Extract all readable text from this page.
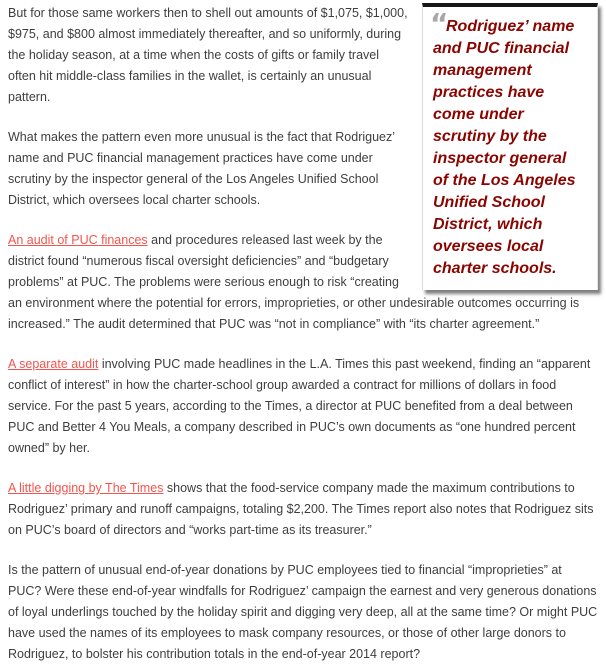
“

Rodriguez’ name
and PUC financial
management
practices have
come under
scrutiny by the
inspector general
of the Los Angeles
Unified School
District, which
oversees local
charter schools.

But for those same workers then to shell out amounts of $1,075, $1,000, $975, and $800 almost immediately thereafter, and so uniformly, during the holiday season, at a time when the costs of gifts or family travel often hit middle-class families in the wallet, is certainly an unusual pattern.

What makes the pattern even more unusual is the fact that Rodriguez’ name and PUC financial management practices have come under scrutiny by the inspector general of the Los Angeles Unified School District, which oversees local charter schools.

An audit of PUC finances and procedures released last week by the district found “numerous fiscal oversight deficiencies” and “budgetary problems” at PUC. The problems were serious enough to risk “creating an environment where the potential for errors, improprieties, or other undesirable outcomes occurring is increased.” The audit determined that PUC was “not in compliance” with “its charter agreement.”

A separate audit involving PUC made headlines in the L.A. Times this past weekend, finding an “apparent conflict of interest” in how the charter-school group awarded a contract for millions of dollars in food service. For the past 5 years, according to the Times, a director at PUC benefited from a deal between PUC and Better 4 You Meals, a company described in PUC’s own documents as “one hundred percent owned” by her.

A little digging by The Times shows that the food-service company made the maximum contributions to Rodriguez’ primary and runoff campaigns, totaling $2,200. The Times report also notes that Rodriguez sits on PUC’s board of directors and “works part-time as its treasurer.”

Is the pattern of unusual end-of-year donations by PUC employees tied to financial “improprieties” at PUC? Were these end-of-year windfalls for Rodriguez’ campaign the earnest and very generous donations of loyal underlings touched by the holiday spirit and digging very deep, all at the same time? Or might PUC have used the names of its employees to mask company resources, or those of other large donors to Rodriguez, to bolster his contribution totals in the end-of-year 2014 report?
